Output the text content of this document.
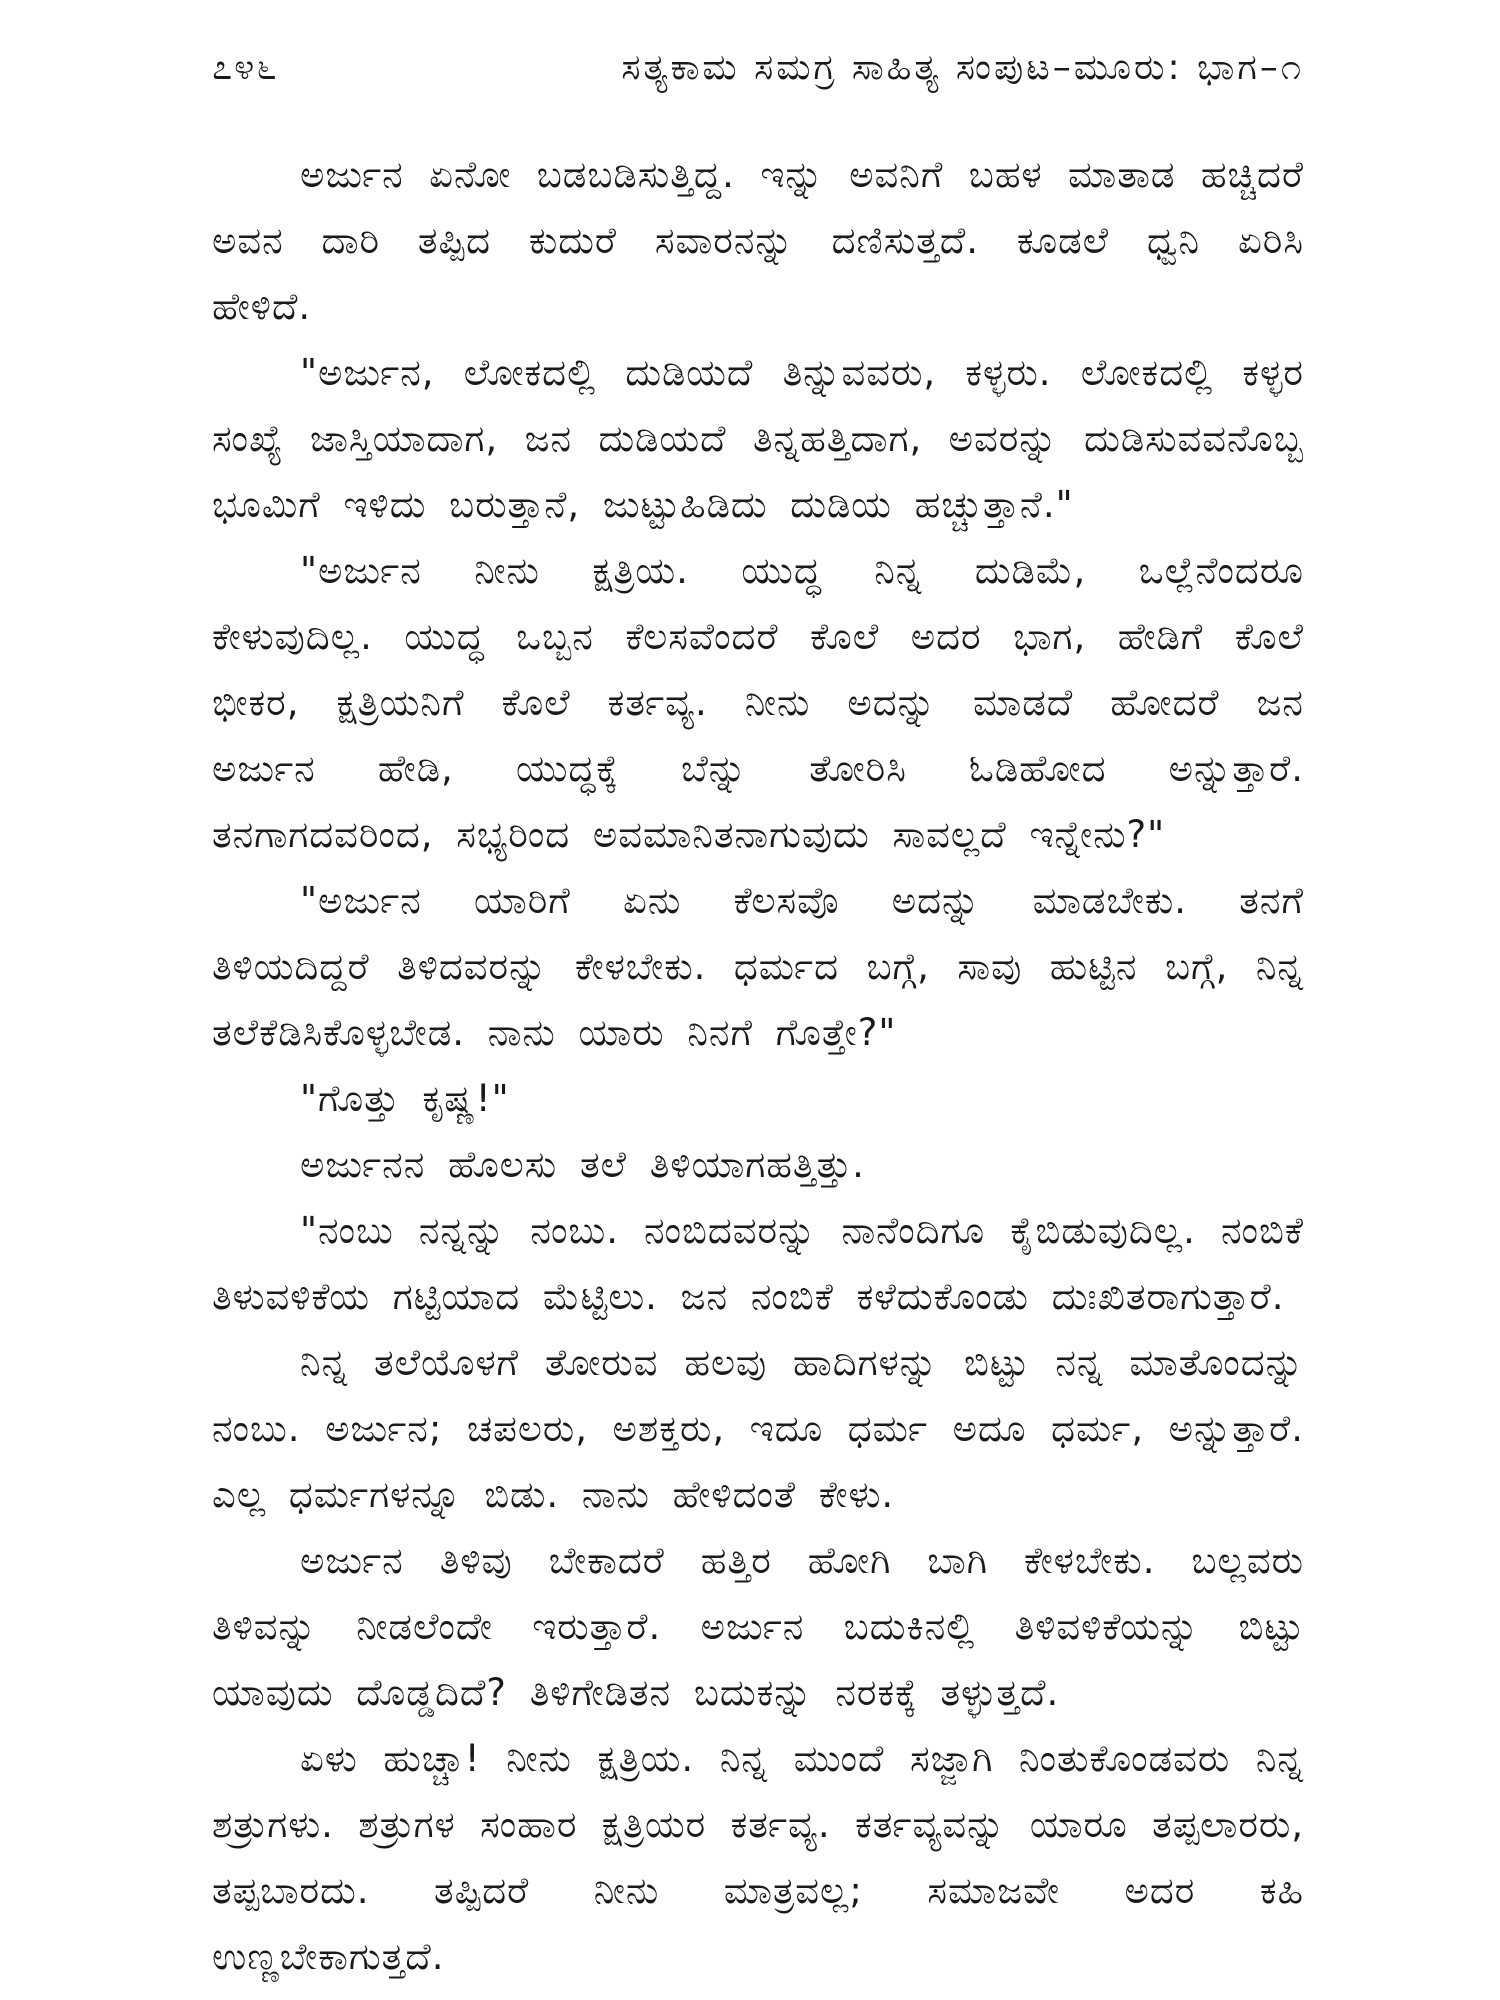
೭೪೬	ಸತ್ಯಕಾಮ ಸಮಗ್ರ ಸಾಹಿತ್ಯ ಸಂಪುಟ–ಮೂರು: ಭಾಗ–೧

ಅರ್ಜುನ ಏನೋ ಬಡಬಡಿಸುತ್ತಿದ್ದ. ಇನ್ನು ಅವನಿಗೆ ಬಹಳ ಮಾತಾಡ ಹಚ್ಚಿದರೆ ಅವನ ದಾರಿ ತಪ್ಪಿದ ಕುದುರೆ ಸವಾರನನ್ನು ದಣಿಸುತ್ತದೆ. ಕೂಡಲೆ ಧ್ವನಿ ಏರಿಸಿ ಹೇಳಿದೆ.

"ಅರ್ಜುನ, ಲೋಕದಲ್ಲಿ ದುಡಿಯದೆ ತಿನ್ನುವವರು, ಕಳ್ಳರು. ಲೋಕದಲ್ಲಿ ಕಳ್ಳರ ಸಂಖ್ಯೆ ಜಾಸ್ತಿಯಾದಾಗ, ಜನ ದುಡಿಯದೆ ತಿನ್ನಹತ್ತಿದಾಗ, ಅವರನ್ನು ದುಡಿಸುವವನೊಬ್ಬ ಭೂಮಿಗೆ ಇಳಿದು ಬರುತ್ತಾನೆ, ಜುಟ್ಟುಹಿಡಿದು ದುಡಿಯ ಹಚ್ಚುತ್ತಾನೆ."

"ಅರ್ಜುನ ನೀನು ಕ್ಷತ್ರಿಯ. ಯುದ್ಧ ನಿನ್ನ ದುಡಿಮೆ, ಒಲ್ಲೆನೆಂದರೂ ಕೇಳುವುದಿಲ್ಲ. ಯುದ್ಧ ಒಬ್ಬನ ಕೆಲಸವೆಂದರೆ ಕೊಲೆ ಅದರ ಭಾಗ, ಹೇಡಿಗೆ ಕೊಲೆ ಭೀಕರ, ಕ್ಷತ್ರಿಯನಿಗೆ ಕೊಲೆ ಕರ್ತವ್ಯ. ನೀನು ಅದನ್ನು ಮಾಡದೆ ಹೋದರೆ ಜನ ಅರ್ಜುನ ಹೇಡಿ, ಯುದ್ಧಕ್ಕೆ ಬೆನ್ನು ತೋರಿಸಿ ಓಡಿಹೋದ ಅನ್ನುತ್ತಾರೆ. ತನಗಾಗದವರಿಂದ, ಸಭ್ಯರಿಂದ ಅವಮಾನಿತನಾಗುವುದು ಸಾವಲ್ಲದೆ ಇನ್ನೇನು?"

"ಅರ್ಜುನ ಯಾರಿಗೆ ಏನು ಕೆಲಸವೊ ಅದನ್ನು ಮಾಡಬೇಕು. ತನಗೆ ತಿಳಿಯದಿದ್ದರೆ ತಿಳಿದವರನ್ನು ಕೇಳಬೇಕು. ಧರ್ಮದ ಬಗ್ಗೆ, ಸಾವು ಹುಟ್ಟಿನ ಬಗ್ಗೆ, ನಿನ್ನ ತಲೆಕೆಡಿಸಿಕೊಳ್ಳಬೇಡ. ನಾನು ಯಾರು ನಿನಗೆ ಗೊತ್ತೇ?"

"ಗೊತ್ತು ಕೃಷ್ಣ!"

ಅರ್ಜುನನ ಹೊಲಸು ತಲೆ ತಿಳಿಯಾಗಹತ್ತಿತ್ತು.

"ನಂಬು ನನ್ನನ್ನು ನಂಬು. ನಂಬಿದವರನ್ನು ನಾನೆಂದಿಗೂ ಕೈಬಿಡುವುದಿಲ್ಲ. ನಂಬಿಕೆ ತಿಳುವಳಿಕೆಯ ಗಟ್ಟಿಯಾದ ಮೆಟ್ಟಿಲು. ಜನ ನಂಬಿಕೆ ಕಳೆದುಕೊಂಡು ದುಃಖಿತರಾಗುತ್ತಾರೆ.

ನಿನ್ನ ತಲೆಯೊಳಗೆ ತೋರುವ ಹಲವು ಹಾದಿಗಳನ್ನು ಬಿಟ್ಟು ನನ್ನ ಮಾತೊಂದನ್ನು ನಂಬು. ಅರ್ಜುನ; ಚಪಲರು, ಅಶಕ್ತರು, ಇದೂ ಧರ್ಮ ಅದೂ ಧರ್ಮ, ಅನ್ನುತ್ತಾರೆ. ಎಲ್ಲ ಧರ್ಮಗಳನ್ನೂ ಬಿಡು. ನಾನು ಹೇಳಿದಂತೆ ಕೇಳು.

ಅರ್ಜುನ ತಿಳಿವು ಬೇಕಾದರೆ ಹತ್ತಿರ ಹೋಗಿ ಬಾಗಿ ಕೇಳಬೇಕು. ಬಲ್ಲವರು ತಿಳಿವನ್ನು ನೀಡಲೆಂದೇ ಇರುತ್ತಾರೆ. ಅರ್ಜುನ ಬದುಕಿನಲ್ಲಿ ತಿಳಿವಳಿಕೆಯನ್ನು ಬಿಟ್ಟು ಯಾವುದು ದೊಡ್ಡದಿದೆ? ತಿಳಿಗೇಡಿತನ ಬದುಕನ್ನು ನರಕಕ್ಕೆ ತಳ್ಳುತ್ತದೆ.

ಏಳು ಹುಚ್ಚಾ! ನೀನು ಕ್ಷತ್ರಿಯ. ನಿನ್ನ ಮುಂದೆ ಸಜ್ಜಾಗಿ ನಿಂತುಕೊಂಡವರು ನಿನ್ನ ಶತ್ರುಗಳು. ಶತ್ರುಗಳ ಸಂಹಾರ ಕ್ಷತ್ರಿಯರ ಕರ್ತವ್ಯ. ಕರ್ತವ್ಯವನ್ನು ಯಾರೂ ತಪ್ಪಲಾರರು, ತಪ್ಪಬಾರದು. ತಪ್ಪಿದರೆ ನೀನು ಮಾತ್ರವಲ್ಲ; ಸಮಾಜವೇ ಅದರ ಕಹಿ ಉಣ್ಣಬೇಕಾಗುತ್ತದೆ.
